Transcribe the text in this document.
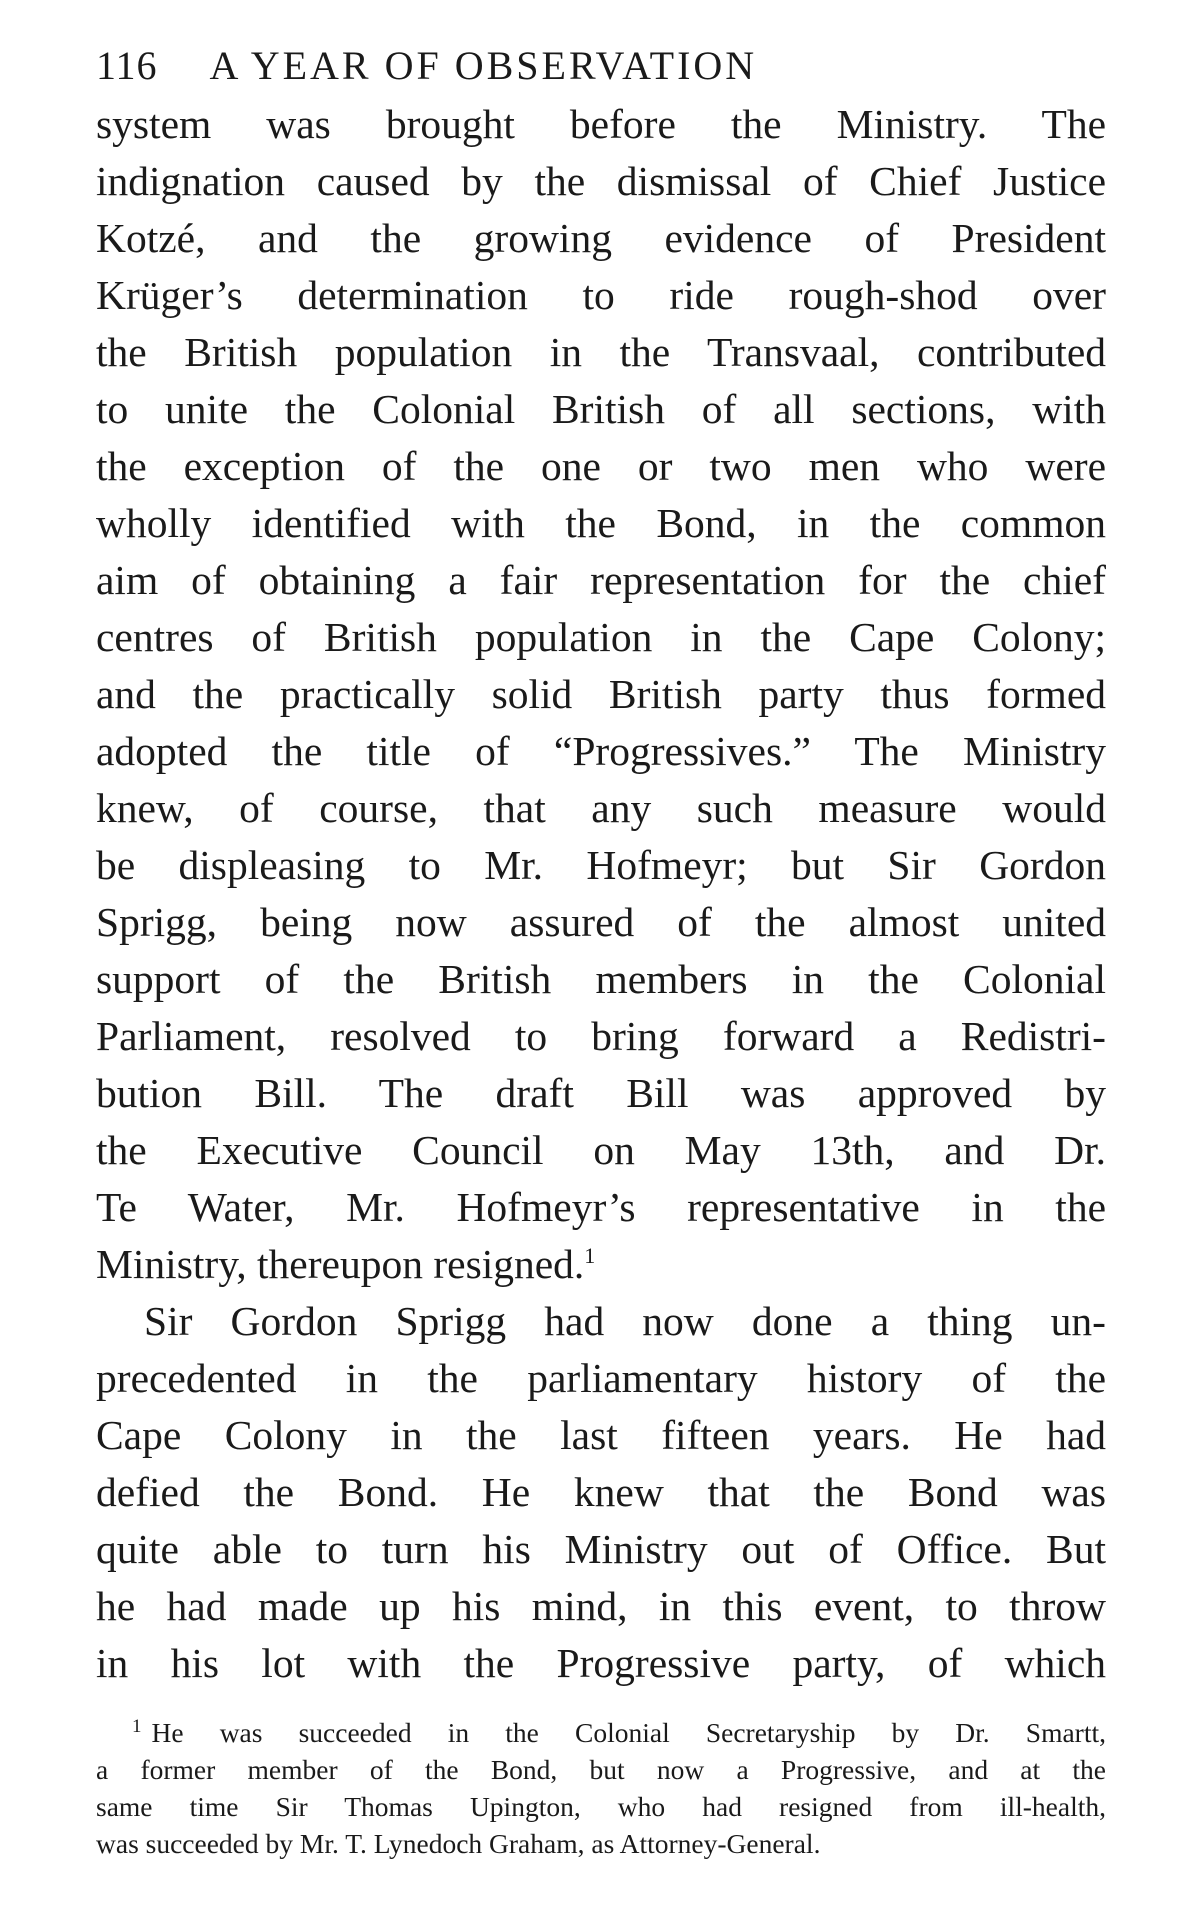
116 A YEAR OF OBSERVATION
system was brought before the Ministry. The
indignation caused by the dismissal of Chief Justice
Kotzé, and the growing evidence of President
Krüger’s determination to ride rough-shod over
the British population in the Transvaal, contributed
to unite the Colonial British of all sections, with
the exception of the one or two men who were
wholly identified with the Bond, in the common
aim of obtaining a fair representation for the chief
centres of British population in the Cape Colony;
and the practically solid British party thus formed
adopted the title of “Progressives.” The Ministry
knew, of course, that any such measure would
be displeasing to Mr. Hofmeyr; but Sir Gordon
Sprigg, being now assured of the almost united
support of the British members in the Colonial
Parliament, resolved to bring forward a Redistri-
bution Bill. The draft Bill was approved by
the Executive Council on May 13th, and Dr.
Te Water, Mr. Hofmeyr’s representative in the
Ministry, thereupon resigned.$^1$
Sir Gordon Sprigg had now done a thing un-
precedented in the parliamentary history of the
Cape Colony in the last fifteen years. He had
defied the Bond. He knew that the Bond was
quite able to turn his Ministry out of Office. But
he had made up his mind, in this event, to throw
in his lot with the Progressive party, of which
$^1$ He was succeeded in the Colonial Secretaryship by Dr. Smartt,
a former member of the Bond, but now a Progressive, and at the
same time Sir Thomas Upington, who had resigned from ill-health,
was succeeded by Mr. T. Lynedoch Graham, as Attorney-General.
